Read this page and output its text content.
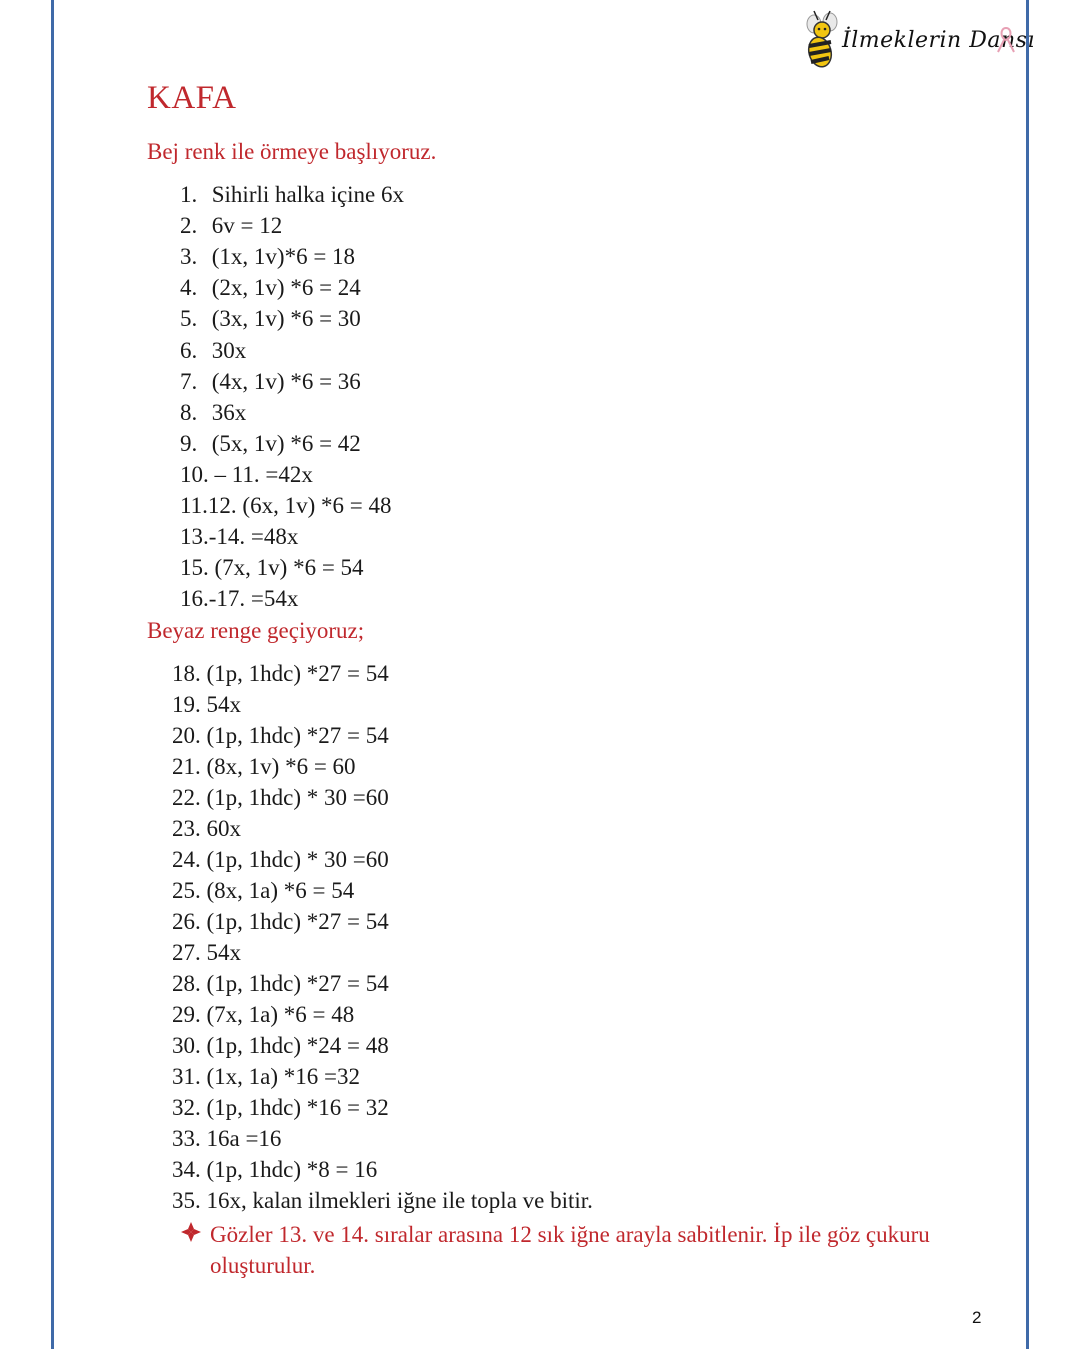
İlmeklerin Dansı
KAFA
Bej renk ile örmeye başlıyoruz.
1. Sihirli halka içine 6x
2. 6v = 12
3. (1x, 1v)*6 = 18
4. (2x, 1v) *6 = 24
5. (3x, 1v) *6 = 30
6. 30x
7. (4x, 1v) *6 = 36
8. 36x
9. (5x, 1v) *6 = 42
10. – 11. =42x
11.12. (6x, 1v) *6 = 48
13.-14. =48x
15. (7x, 1v) *6 = 54
16.-17. =54x
Beyaz renge geçiyoruz;
18. (1p, 1hdc) *27 = 54
19. 54x
20. (1p, 1hdc) *27 = 54
21. (8x, 1v) *6 = 60
22. (1p, 1hdc) * 30 =60
23. 60x
24. (1p, 1hdc) * 30 =60
25. (8x, 1a) *6 = 54
26. (1p, 1hdc) *27 = 54
27. 54x
28. (1p, 1hdc) *27 = 54
29. (7x, 1a) *6 = 48
30. (1p, 1hdc) *24 = 48
31. (1x, 1a) *16 =32
32. (1p, 1hdc) *16 = 32
33. 16a =16
34. (1p, 1hdc) *8 = 16
35. 16x, kalan ilmekleri iğne ile topla ve bitir.
Gözler 13. ve 14. sıralar arasına 12 sık iğne arayla sabitlenir. İp ile göz çukuru oluşturulur.
2
